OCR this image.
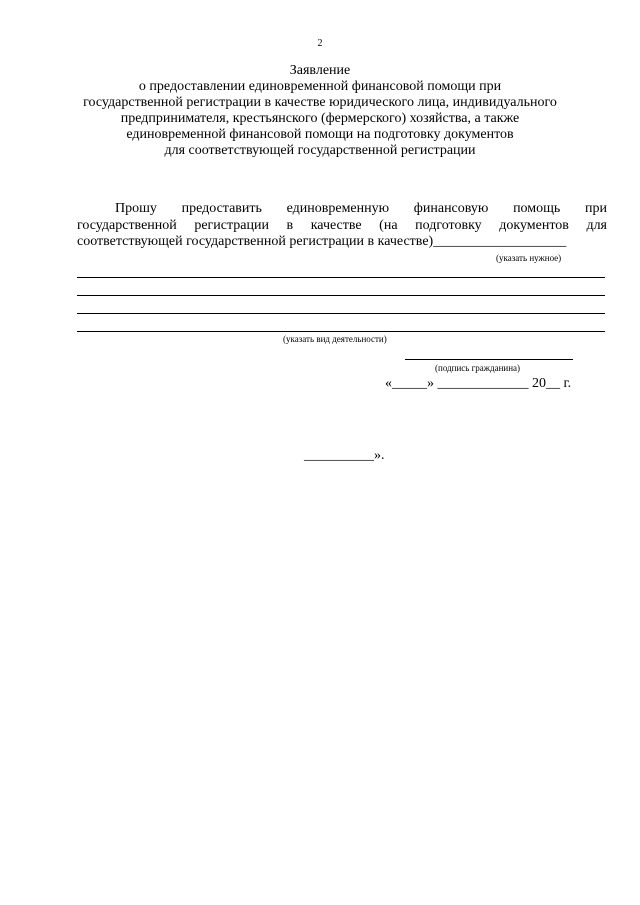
2
Заявление
о предоставлении единовременной финансовой помощи при
государственной регистрации в качестве юридического лица, индивидуального
предпринимателя, крестьянского (фермерского) хозяйства, а также
единовременной финансовой помощи на подготовку документов
для соответствующей государственной регистрации
Прошу предоставить единовременную финансовую помощь при
государственной регистрации в качестве (на подготовку документов для
соответствующей государственной регистрации в качестве)___________________
(указать нужное)
(указать вид деятельности)
(подпись гражданина)
«_____» _____________ 20__ г.
__________».
